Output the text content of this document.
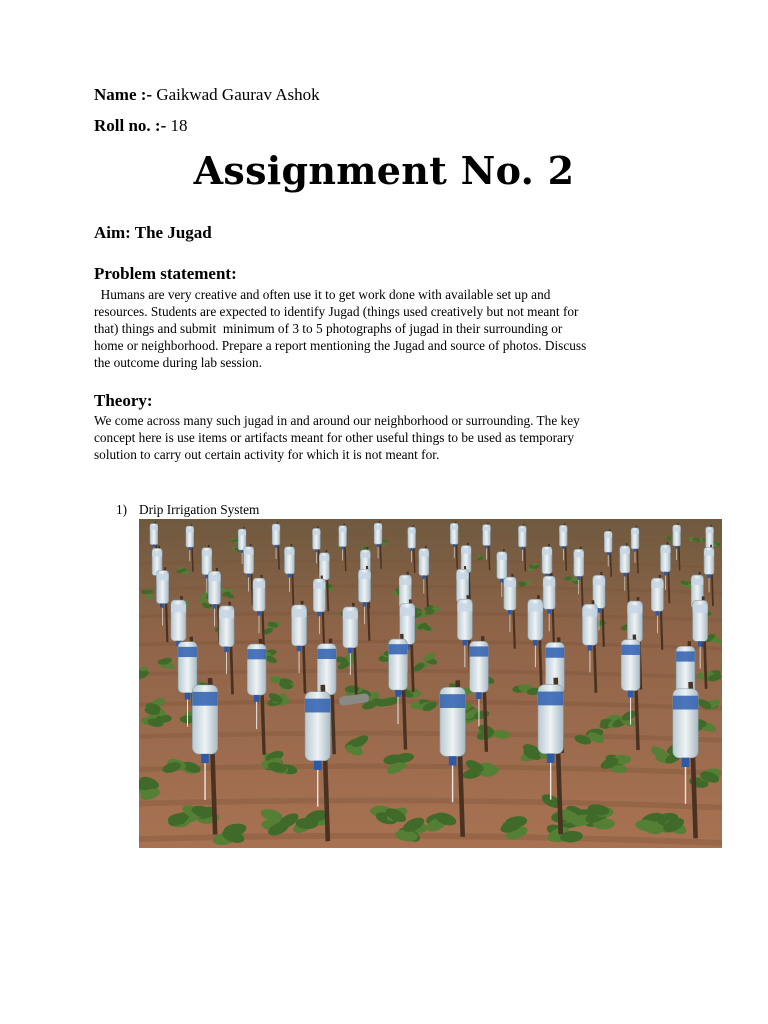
Name :- Gaikwad Gaurav Ashok

Roll no. :- 18

Assignment No. 2

Aim: The Jugad

Problem statement:

Humans are very creative and often use it to get work done with available set up and
resources. Students are expected to identify Jugad (things used creatively but not meant for
that) things and submit  minimum of 3 to 5 photographs of jugad in their surrounding or
home or neighborhood. Prepare a report mentioning the Jugad and source of photos. Discuss
the outcome during lab session.

Theory:

We come across many such jugad in and around our neighborhood or surrounding. The key
concept here is use items or artifacts meant for other useful things to be used as temporary
solution to carry out certain activity for which it is not meant for.

1) Drip Irrigation System
